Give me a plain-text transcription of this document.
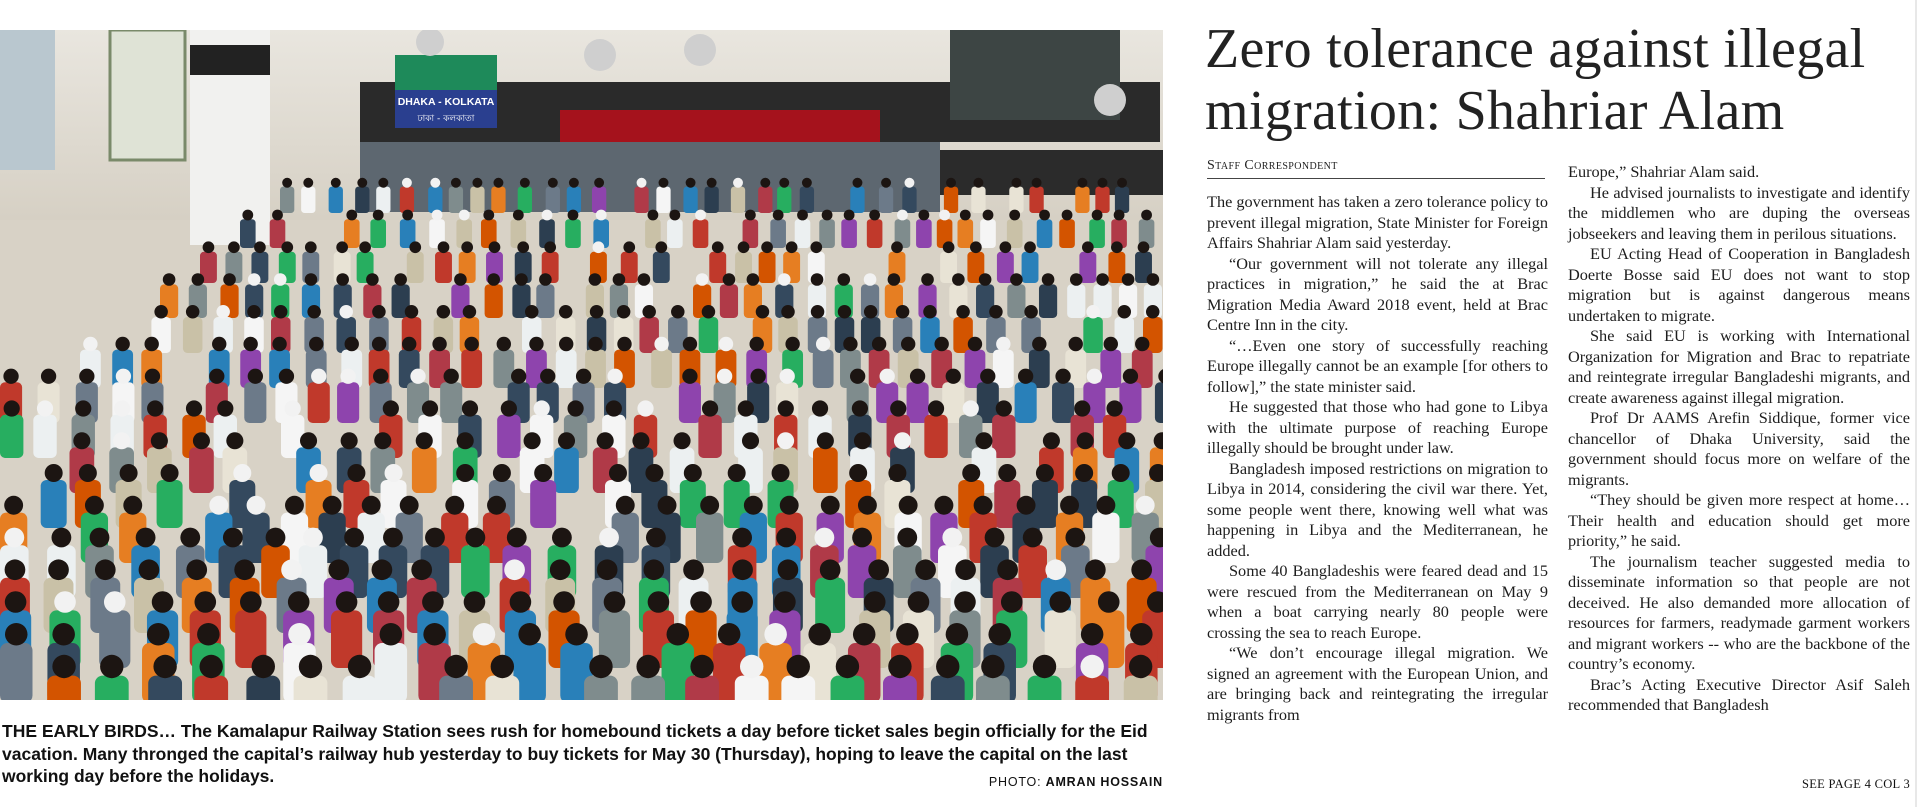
DHAKA - KOLKATA
ঢাকা - কলকাতা
THE EARLY BIRDS… The Kamalapur Railway Station sees rush for homebound tickets a day before ticket sales begin officially for the Eid vacation. Many thronged the capital’s railway hub yesterday to buy tickets for May 30 (Thursday), hoping to leave the capital on the last working day before the holidays.	PHOTO: AMRAN HOSSAIN
Zero tolerance against illegal migration: Shahriar Alam
Staff Correspondent

The government has taken a zero tolerance policy to prevent illegal migration, State Minister for Foreign Affairs Shahriar Alam said yesterday.

“Our government will not tolerate any illegal practices in migration,” he said the at Brac Migration Media Award 2018 event, held at Brac Centre Inn in the city.

“…Even one story of successfully reaching Europe illegally cannot be an example [for others to follow],” the state minister said.

He suggested that those who had gone to Libya with the ultimate purpose of reaching Europe illegally should be brought under law.

Bangladesh imposed restrictions on migration to Libya in 2014, considering the civil war there. Yet, some people went there, knowing well what was happening in Libya and the Mediterranean, he added.

Some 40 Bangladeshis were feared dead and 15 were rescued from the Mediterranean on May 9 when a boat carrying nearly 80 people were crossing the sea to reach Europe.

“We don’t encourage illegal migration. We signed an agreement with the European Union, and are bringing back and reintegrating the irregular migrants from

Europe,” Shahriar Alam said.

He advised journalists to investigate and identify the middlemen who are duping the overseas jobseekers and leaving them in perilous situations.

EU Acting Head of Cooperation in Bangladesh Doerte Bosse said EU does not want to stop migration but is against dangerous means undertaken to migrate.

She said EU is working with International Organization for Migration and Brac to repatriate and reintegrate irregular Bangladeshi migrants, and create awareness against illegal migration.

Prof Dr AAMS Arefin Siddique, former vice chancellor of Dhaka University, said the government should focus more on welfare of the migrants.

“They should be given more respect at home… Their health and education should get more priority,” he said.

The journalism teacher suggested media to disseminate information so that people are not deceived. He also demanded more allocation of resources for farmers, readymade garment workers and migrant workers -- who are the backbone of the country’s economy.

Brac’s Acting Executive Director Asif Saleh recommended that Bangladesh

SEE PAGE 4 COL 3
